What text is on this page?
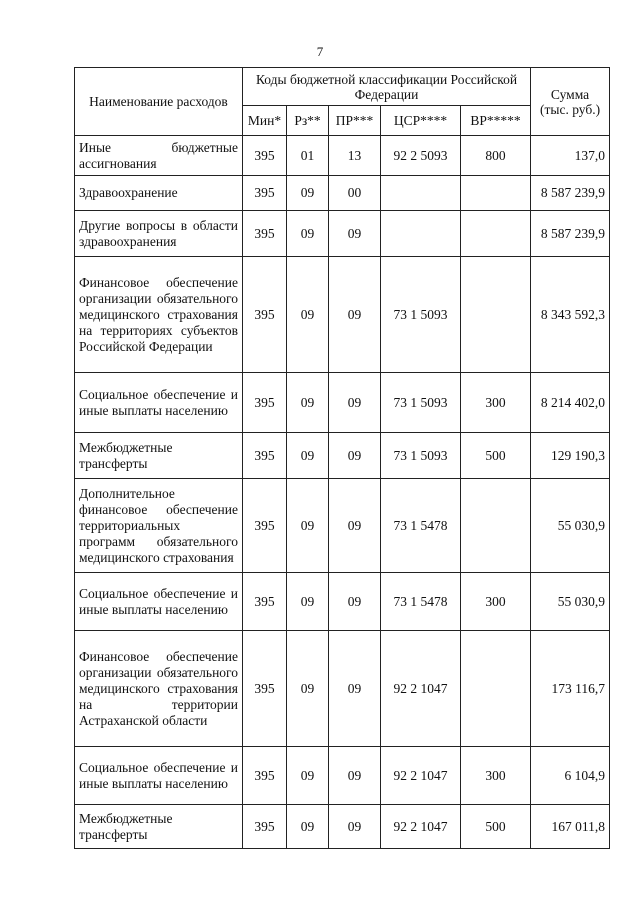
7
Наименование расходов	Коды бюджетной классификации Российской Федерации					Сумма (тыс. руб.)
	Мин*	Рз**	ПР***	ЦСР****	ВР*****	
Иные бюджетные ассигнования	395	01	13	92 2 5093	800	137,0
Здравоохранение	395	09	00			8 587 239,9
Другие вопросы в области здравоохранения	395	09	09			8 587 239,9
Финансовое обеспечение организации обязательного медицинского страхования на территориях субъектов Российской Федерации	395	09	09	73 1 5093		8 343 592,3
Социальное обеспечение и иные выплаты населению	395	09	09	73 1 5093	300	8 214 402,0
Межбюджетные трансферты	395	09	09	73 1 5093	500	129 190,3
Дополнительное финансовое обеспечение территориальных программ обязательного медицинского страхования	395	09	09	73 1 5478		55 030,9
Социальное обеспечение и иные выплаты населению	395	09	09	73 1 5478	300	55 030,9
Финансовое обеспечение организации обязательного медицинского страхования на территории Астраханской области	395	09	09	92 2 1047		173 116,7
Социальное обеспечение и иные выплаты населению	395	09	09	92 2 1047	300	6 104,9
Межбюджетные трансферты	395	09	09	92 2 1047	500	167 011,8
